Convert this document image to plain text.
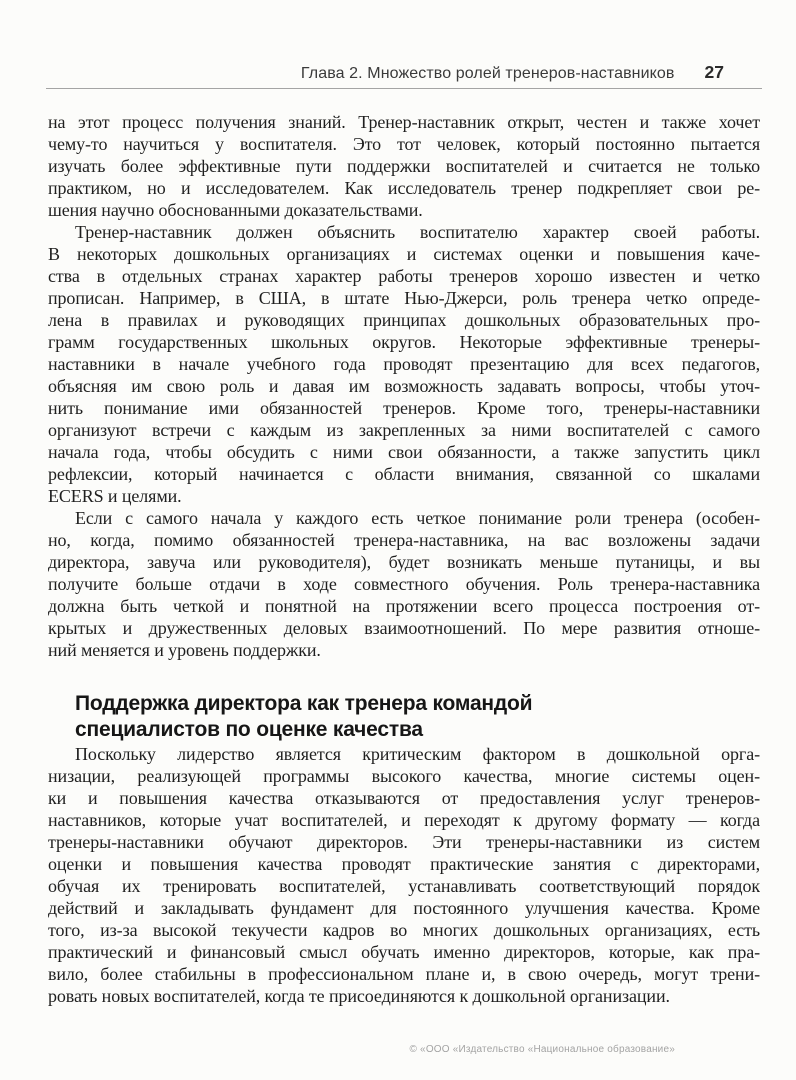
Глава 2. Множество ролей тренеров-наставников 27
на этот процесс получения знаний. Тренер-наставник открыт, честен и также хочет
чему-то научиться у воспитателя. Это тот человек, который постоянно пытается
изучать более эффективные пути поддержки воспитателей и считается не только
практиком, но и исследователем. Как исследователь тренер подкрепляет свои ре-
шения научно обоснованными доказательствами.
Тренер-наставник должен объяснить воспитателю характер своей работы.
В некоторых дошкольных организациях и системах оценки и повышения каче-
ства в отдельных странах характер работы тренеров хорошо известен и четко
прописан. Например, в США, в штате Нью-Джерси, роль тренера четко опреде-
лена в правилах и руководящих принципах дошкольных образовательных про-
грамм государственных школьных округов. Некоторые эффективные тренеры-
наставники в начале учебного года проводят презентацию для всех педагогов,
объясняя им свою роль и давая им возможность задавать вопросы, чтобы уточ-
нить понимание ими обязанностей тренеров. Кроме того, тренеры-наставники
организуют встречи с каждым из закрепленных за ними воспитателей с самого
начала года, чтобы обсудить с ними свои обязанности, а также запустить цикл
рефлексии, который начинается с области внимания, связанной со шкалами
ECERS и целями.
Если с самого начала у каждого есть четкое понимание роли тренера (особен-
но, когда, помимо обязанностей тренера-наставника, на вас возложены задачи
директора, завуча или руководителя), будет возникать меньше путаницы, и вы
получите больше отдачи в ходе совместного обучения. Роль тренера-наставника
должна быть четкой и понятной на протяжении всего процесса построения от-
крытых и дружественных деловых взаимоотношений. По мере развития отноше-
ний меняется и уровень поддержки.
Поддержка директора как тренера командой
специалистов по оценке качества
Поскольку лидерство является критическим фактором в дошкольной орга-
низации, реализующей программы высокого качества, многие системы оцен-
ки и повышения качества отказываются от предоставления услуг тренеров-
наставников, которые учат воспитателей, и переходят к другому формату — когда
тренеры-наставники обучают директоров. Эти тренеры-наставники из систем
оценки и повышения качества проводят практические занятия с директорами,
обучая их тренировать воспитателей, устанавливать соответствующий порядок
действий и закладывать фундамент для постоянного улучшения качества. Кроме
того, из-за высокой текучести кадров во многих дошкольных организациях, есть
практический и финансовый смысл обучать именно директоров, которые, как пра-
вило, более стабильны в профессиональном плане и, в свою очередь, могут трени-
ровать новых воспитателей, когда те присоединяются к дошкольной организации.
© «ООО «Издательство «Национальное образование»
